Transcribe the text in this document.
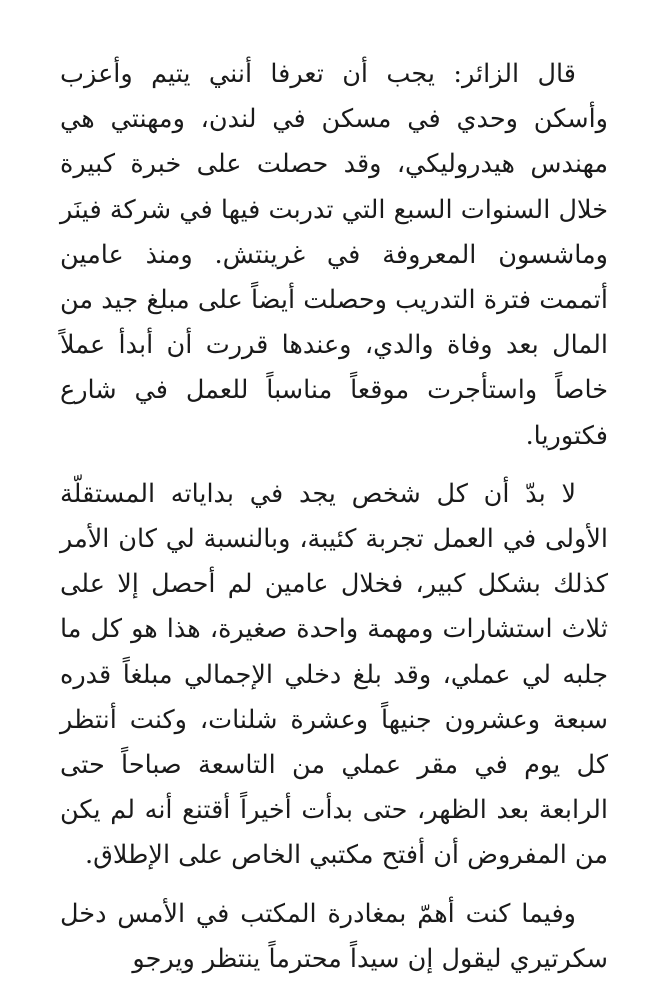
قال الزائر: يجب أن تعرفا أنني يتيم وأعزب وأسكن وحدي في مسكن في لندن، ومهنتي هي مهندس هيدروليكي، وقد حصلت على خبرة كبيرة خلال السنوات السبع التي تدربت فيها في شركة فينَر وماشسون المعروفة في غرينتش. ومنذ عامين أتممت فترة التدريب وحصلت أيضاً على مبلغ جيد من المال بعد وفاة والدي، وعندها قررت أن أبدأ عملاً خاصاً واستأجرت موقعاً مناسباً للعمل في شارع فكتوريا.

لا بدّ أن كل شخص يجد في بداياته المستقلّة الأولى في العمل تجربة كئيبة، وبالنسبة لي كان الأمر كذلك بشكل كبير، فخلال عامين لم أحصل إلا على ثلاث استشارات ومهمة واحدة صغيرة، هذا هو كل ما جلبه لي عملي، وقد بلغ دخلي الإجمالي مبلغاً قدره سبعة وعشرون جنيهاً وعشرة شلنات، وكنت أنتظر كل يوم في مقر عملي من التاسعة صباحاً حتى الرابعة بعد الظهر، حتى بدأت أخيراً أقتنع أنه لم يكن من المفروض أن أفتح مكتبي الخاص على الإطلاق.

وفيما كنت أهمّ بمغادرة المكتب في الأمس دخل سكرتيري ليقول إن سيداً محترماً ينتظر ويرجو
